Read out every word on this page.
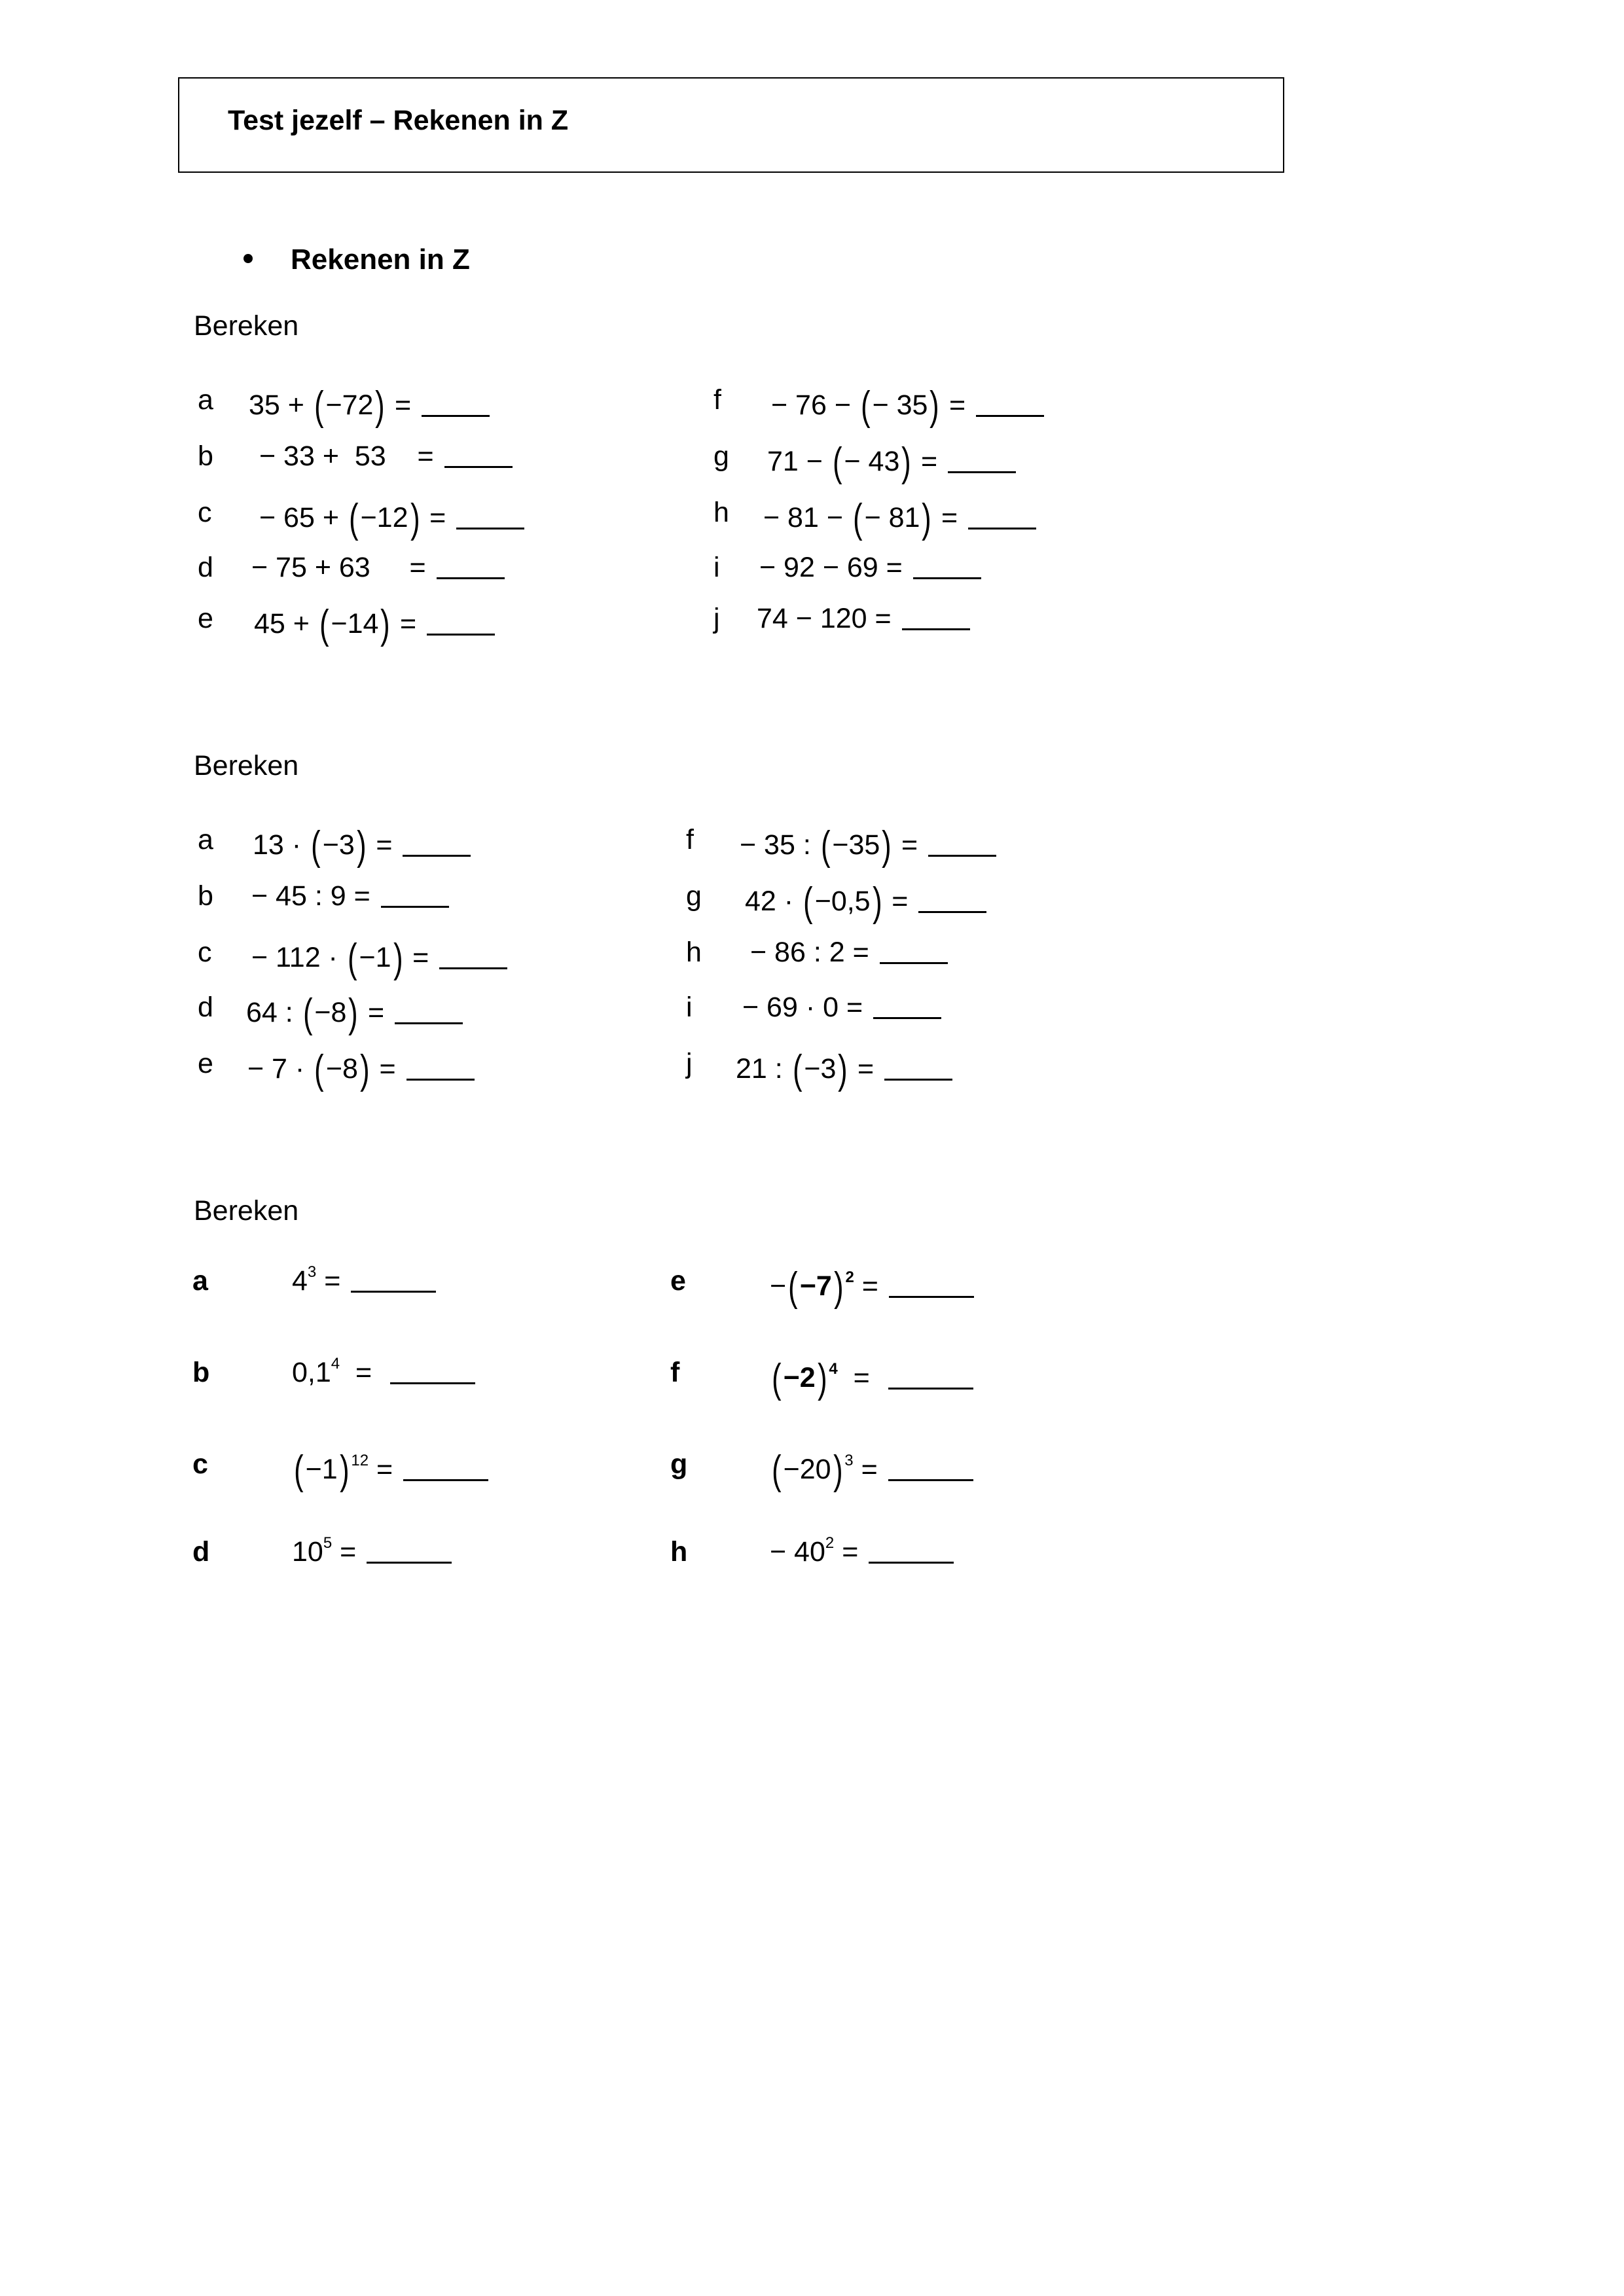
Test jezelf – Rekenen in Z
Rekenen in Z
Bereken
a 35 + (−72) =
b − 33 +  53    =
c − 65 + (−12) =
d − 75 + 63     =
e 45 + (−14) =
f − 76 − (− 35) =
g 71 − (− 43) =
h − 81 − (− 81) =
i − 92 − 69 =
j 74 − 120 =
Bereken
a 13 · (−3) =
b − 45 : 9 =
c − 112 · (−1) =
d 64 : (−8) =
e − 7 · (−8) =
f − 35 : (−35) =
g 42 · (−0,5) =
h − 86 : 2 =
i − 69 · 0 =
j 21 : (−3) =
Bereken
a	$4^3$ =
b	$0,1^4$  =
c (−1) $^{12}$ =
d	$10^5$ =
e	−(−7) $^2$ =
f (−2) $^4$  =
g (−20) $^3$ =
h	− $40^2$ =
